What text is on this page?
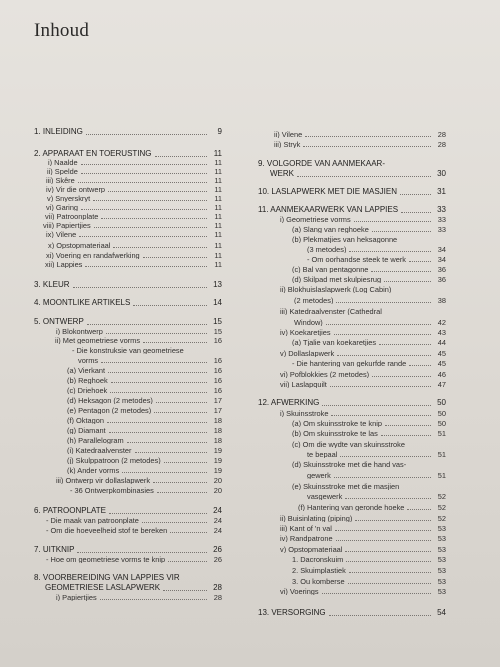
Inhoud
1. INLEIDING	9
2. APPARAAT EN TOERUSTING	11
i) Naalde	11
ii) Spelde	11
iii) Skêre	11
iv) Vir die ontwerp	11
v) Snyerskryt	11
vi) Garing	11
vii) Patroonplate	11
viii) Papiertjies	11
ix) Vilene	11
x) Opstopmateriaal	11
xi) Voering en randafwerking	11
xii) Lappies	11
3. KLEUR	13
4. MOONTLIKE ARTIKELS	14
5. ONTWERP	15
i) Blokontwerp	15
ii) Met geometriese vorms	16
- Die konstruksie van geometriese
vorms	16
(a) Vierkant	16
(b) Reghoek	16
(c) Driehoek	16
(d) Heksagon (2 metodes)	17
(e) Pentagon (2 metodes)	17
(f) Oktagon	18
(g) Diamant	18
(h) Parallelogram	18
(i) Katedraalvenster	19
(j) Skulppatroon (2 metodes)	19
(k) Ander vorms	19
iii) Ontwerp vir dollaslapwerk	20
- 36 Ontwerpkombinasies	20
6. PATROONPLATE	24
- Die maak van patroonplate	24
- Om die hoeveelheid stof te bereken	24
7. UITKNIP	26
- Hoe om geometriese vorms te knip	26
8. VOORBEREIDING VAN LAPPIES VIR
GEOMETRIESE LASLAPWERK	28
i) Papiertjies	28
ii) Vilene	28
iii) Stryk	28
9. VOLGORDE VAN AANMEKAAR-
WERK	30
10. LASLAPWERK MET DIE MASJIEN	31
11. AANMEKAARWERK VAN LAPPIES	33
i) Geometriese vorms	33
(a) Slang van reghoeke	33
(b) Plekmatjies van heksagonne
(3 metodes)	34
- Om oorhandse steek te werk	34
(c) Bal van pentagonne	36
(d) Skilpad met skulpiesrug	36
ii) Blokhuislaslapwerk (Log Cabin)
(2 metodes)	38
iii) Katedraalvenster (Cathedral
Window)	42
iv) Koekaretjies	43
(a) Tjalie van koekaretjies	44
v) Dollaslapwerk	45
- Die hantering van gekurfde rande	45
vi) Pofblokkies (2 metodes)	46
vii) Laslapquilt	47
12. AFWERKING	50
i) Skuinsstroke	50
(a) Om skuinsstroke te knip	50
(b) Om skuinsstroke te las	51
(c) Om die wydte van skuinsstroke
te bepaal	51
(d) Skuinsstroke met die hand vas-
gewerk	51
(e) Skuinsstroke met die masjien
vasgewerk	52
(f) Hantering van geronde hoeke	52
ii) Buisinlating (piping)	52
iii) Kant of 'n val	53
iv) Randpatrone	53
v) Opstopmateriaal	53
1. Dacronskuim	53
2. Skuimplastiek	53
3. Ou komberse	53
vi) Voerings	53
13. VERSORGING	54
